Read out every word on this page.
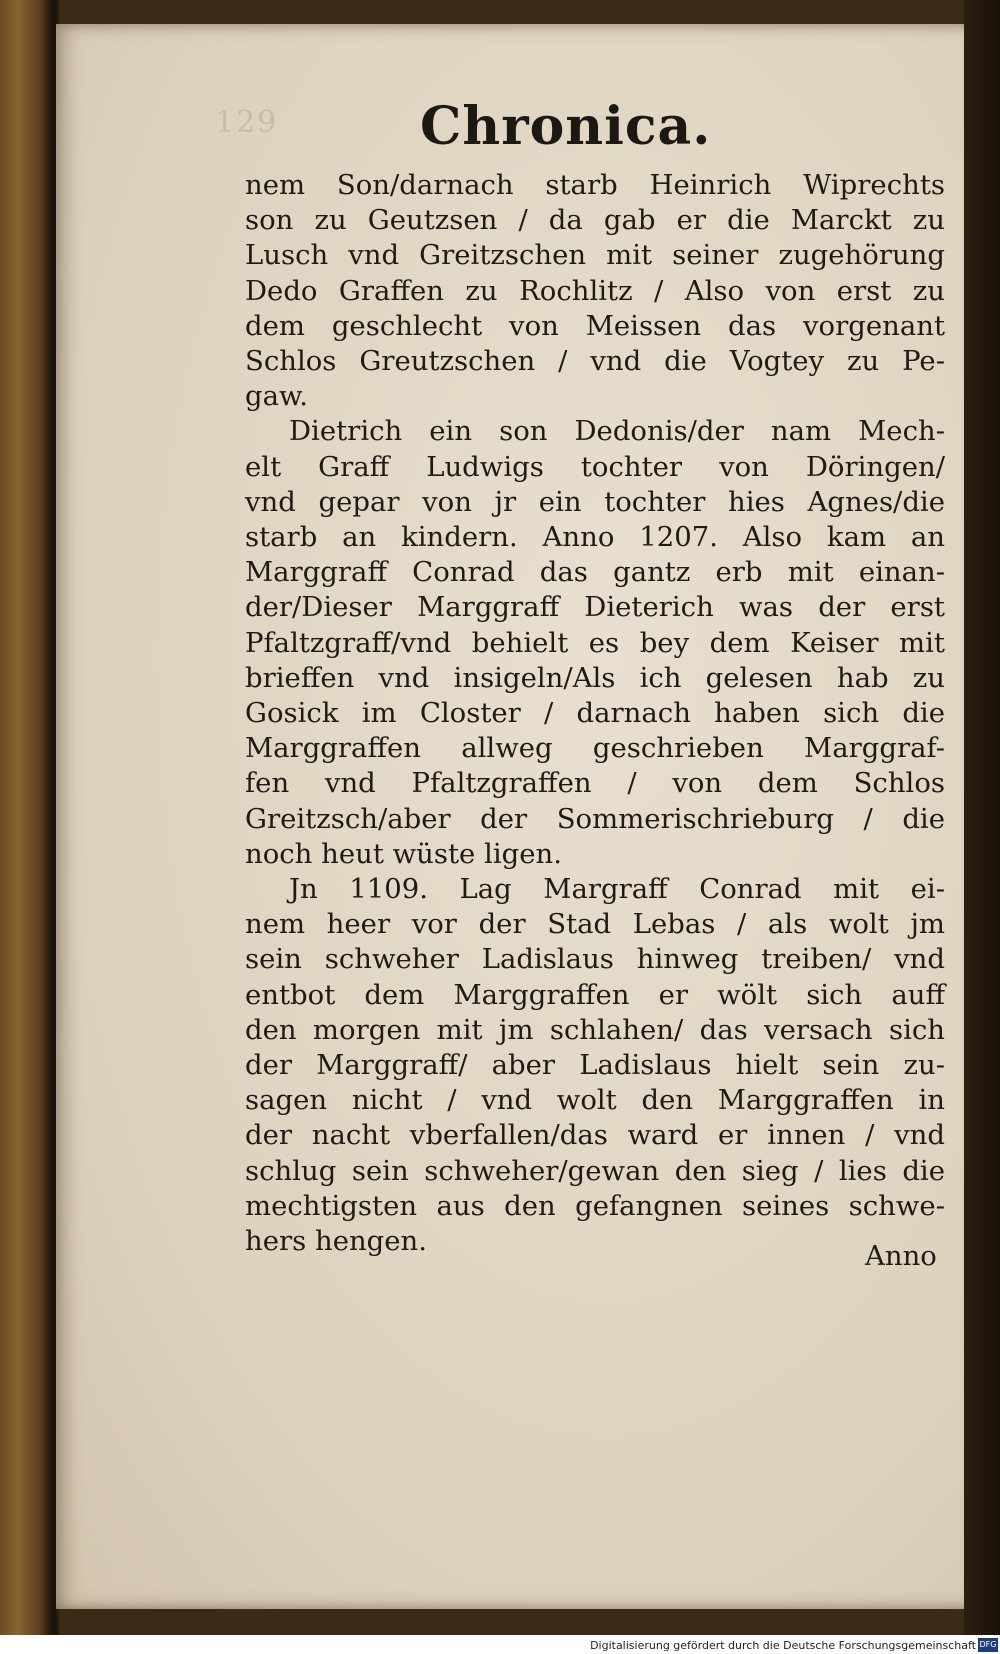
129	Chronica.
nem Son/darnach starb Heinrich Wiprechts
son zu Geutzsen / da gab er die Marckt zu
Lusch vnd Greitzschen mit seiner zugehörung
Dedo Graffen zu Rochlitz / Also von erst zu
dem geschlecht von Meissen das vorgenant
Schlos Greutzschen / vnd die Vogtey zu Pe-
gaw.
Dietrich ein son Dedonis/der nam Mech-
elt Graff Ludwigs tochter von Döringen/
vnd gepar von jr ein tochter hies Agnes/die
starb an kindern. Anno 1207. Also kam an
Marggraff Conrad das gantz erb mit einan-
der/Dieser Marggraff Dieterich was der erst
Pfaltzgraff/vnd behielt es bey dem Keiser mit
brieffen vnd insigeln/Als ich gelesen hab zu
Gosick im Closter / darnach haben sich die
Marggraffen allweg geschrieben Marggraf-
fen vnd Pfaltzgraffen / von dem Schlos
Greitzsch/aber der Sommerischrieburg / die
noch heut wüste ligen.
Jn 1109. Lag Margraff Conrad mit ei-
nem heer vor der Stad Lebas / als wolt jm
sein schweher Ladislaus hinweg treiben/ vnd
entbot dem Marggraffen er wölt sich auff
den morgen mit jm schlahen/ das versach sich
der Marggraff/ aber Ladislaus hielt sein zu-
sagen nicht / vnd wolt den Marggraffen in
der nacht vberfallen/das ward er innen / vnd
schlug sein schweher/gewan den sieg / lies die
mechtigsten aus den gefangnen seines schwe-
hers hengen.	Anno
Digitalisierung gefördert durch die Deutsche Forschungsgemeinschaft DFG
